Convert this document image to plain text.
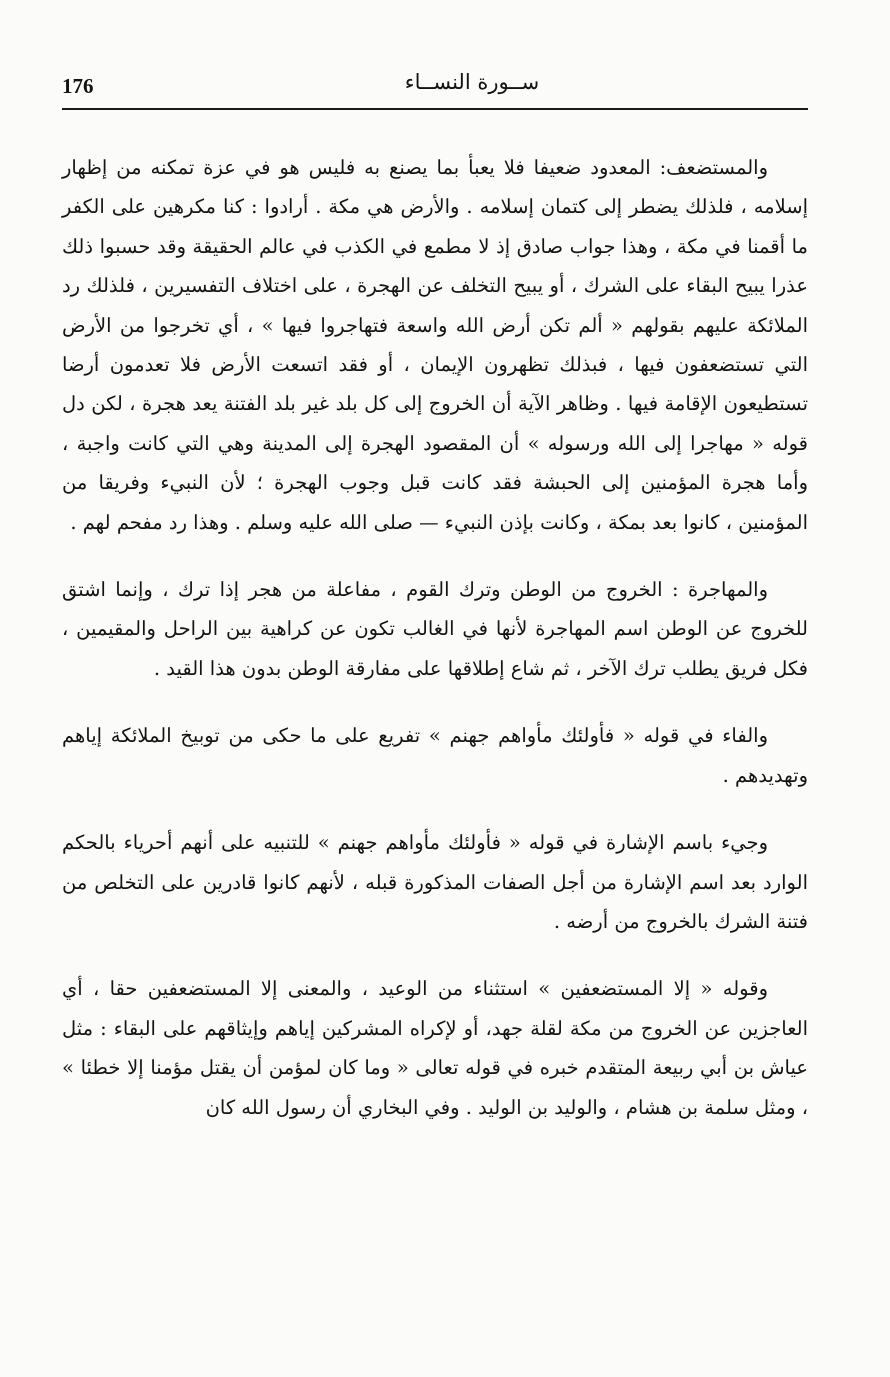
176	ســورة النســاء

والمستضعف: المعدود ضعيفا فلا يعبأ بما يصنع به فليس هو في عزة تمكنه من إظهار إسلامه ، فلذلك يضطر إلى كتمان إسلامه . والأرض هي مكة . أرادوا : كنا مكرهين على الكفر ما أقمنا في مكة ، وهذا جواب صادق إذ لا مطمع في الكذب في عالم الحقيقة وقد حسبوا ذلك عذرا يبيح البقاء على الشرك ، أو يبيح التخلف عن الهجرة ، على اختلاف التفسيرين ، فلذلك رد الملائكة عليهم بقولهم « ألم تكن أرض الله واسعة فتهاجروا فيها » ، أي تخرجوا من الأرض التي تستضعفون فيها ، فبذلك تظهرون الإيمان ، أو فقد اتسعت الأرض فلا تعدمون أرضا تستطيعون الإقامة فيها . وظاهر الآية أن الخروج إلى كل بلد غير بلد الفتنة يعد هجرة ، لكن دل قوله « مهاجرا إلى الله ورسوله » أن المقصود الهجرة إلى المدينة وهي التي كانت واجبة ، وأما هجرة المؤمنين إلى الحبشة فقد كانت قبل وجوب الهجرة ؛ لأن النبيء وفريقا من المؤمنين ، كانوا بعد بمكة ، وكانت بإذن النبيء — صلى الله عليه وسلم . وهذا رد مفحم لهم .

والمهاجرة : الخروج من الوطن وترك القوم ، مفاعلة من هجر إذا ترك ، وإنما اشتق للخروج عن الوطن اسم المهاجرة لأنها في الغالب تكون عن كراهية بين الراحل والمقيمين ، فكل فريق يطلب ترك الآخر ، ثم شاع إطلاقها على مفارقة الوطن بدون هذا القيد .

والفاء في قوله « فأولئك مأواهم جهنم » تفريع على ما حكى من توبيخ الملائكة إياهم وتهديدهم .

وجيء باسم الإشارة في قوله « فأولئك مأواهم جهنم » للتنبيه على أنهم أحرياء بالحكم الوارد بعد اسم الإشارة من أجل الصفات المذكورة قبله ، لأنهم كانوا قادرين على التخلص من فتنة الشرك بالخروج من أرضه .

وقوله « إلا المستضعفين » استثناء من الوعيد ، والمعنى إلا المستضعفين حقا ، أي العاجزين عن الخروج من مكة لقلة جهد، أو لإكراه المشركين إياهم وإيثاقهم على البقاء : مثل عياش بن أبي ربيعة المتقدم خبره في قوله تعالى « وما كان لمؤمن أن يقتل مؤمنا إلا خطئا » ، ومثل سلمة بن هشام ، والوليد بن الوليد . وفي البخاري أن رسول الله كان
